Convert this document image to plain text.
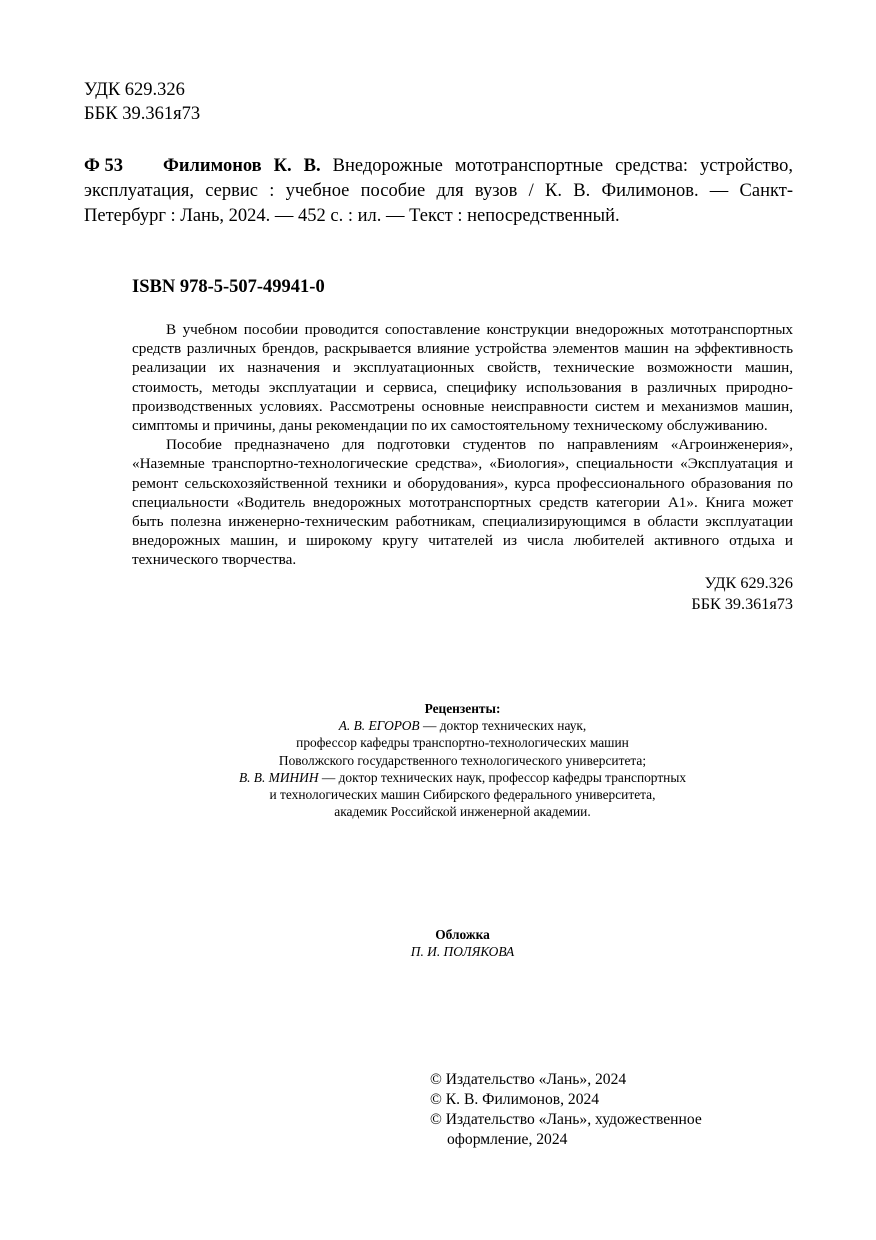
УДК 629.326
ББК 39.361я73
Ф 53	Филимонов К. В. Внедорожные мототранспортные средства: устройство, эксплуатация, сервис : учебное пособие для вузов / К. В. Филимонов. — Санкт-Петербург : Лань, 2024. — 452 с. : ил. — Текст : непосредственный.
ISBN 978-5-507-49941-0

В учебном пособии проводится сопоставление конструкции внедорожных мототранспортных средств различных брендов, раскрывается влияние устройства элементов машин на эффективность реализации их назначения и эксплуатационных свойств, технические возможности машин, стоимость, методы эксплуатации и сервиса, специфику использования в различных природно-производственных условиях. Рассмотрены основные неисправности систем и механизмов машин, симптомы и причины, даны рекомендации по их самостоятельному техническому обслуживанию.

Пособие предназначено для подготовки студентов по направлениям «Агроинженерия», «Наземные транспортно-технологические средства», «Биология», специальности «Эксплуатация и ремонт сельскохозяйственной техники и оборудования», курса профессионального образования по специальности «Водитель внедорожных мототранспортных средств категории A1». Книга может быть полезна инженерно-техническим работникам, специализирующимся в области эксплуатации внедорожных машин, и широкому кругу читателей из числа любителей активного отдыха и технического творчества.

УДК 629.326

ББК 39.361я73

Рецензенты:
А. В. ЕГОРОВ — доктор технических наук,
профессор кафедры транспортно-технологических машин
Поволжского государственного технологического университета;
В. В. МИНИН — доктор технических наук, профессор кафедры транспортных
и технологических машин Сибирского федерального университета,
академик Российской инженерной академии.
Обложка
П. И. ПОЛЯКОВА
© Издательство «Лань», 2024
© К. В. Филимонов, 2024
© Издательство «Лань», художественное
оформление, 2024
